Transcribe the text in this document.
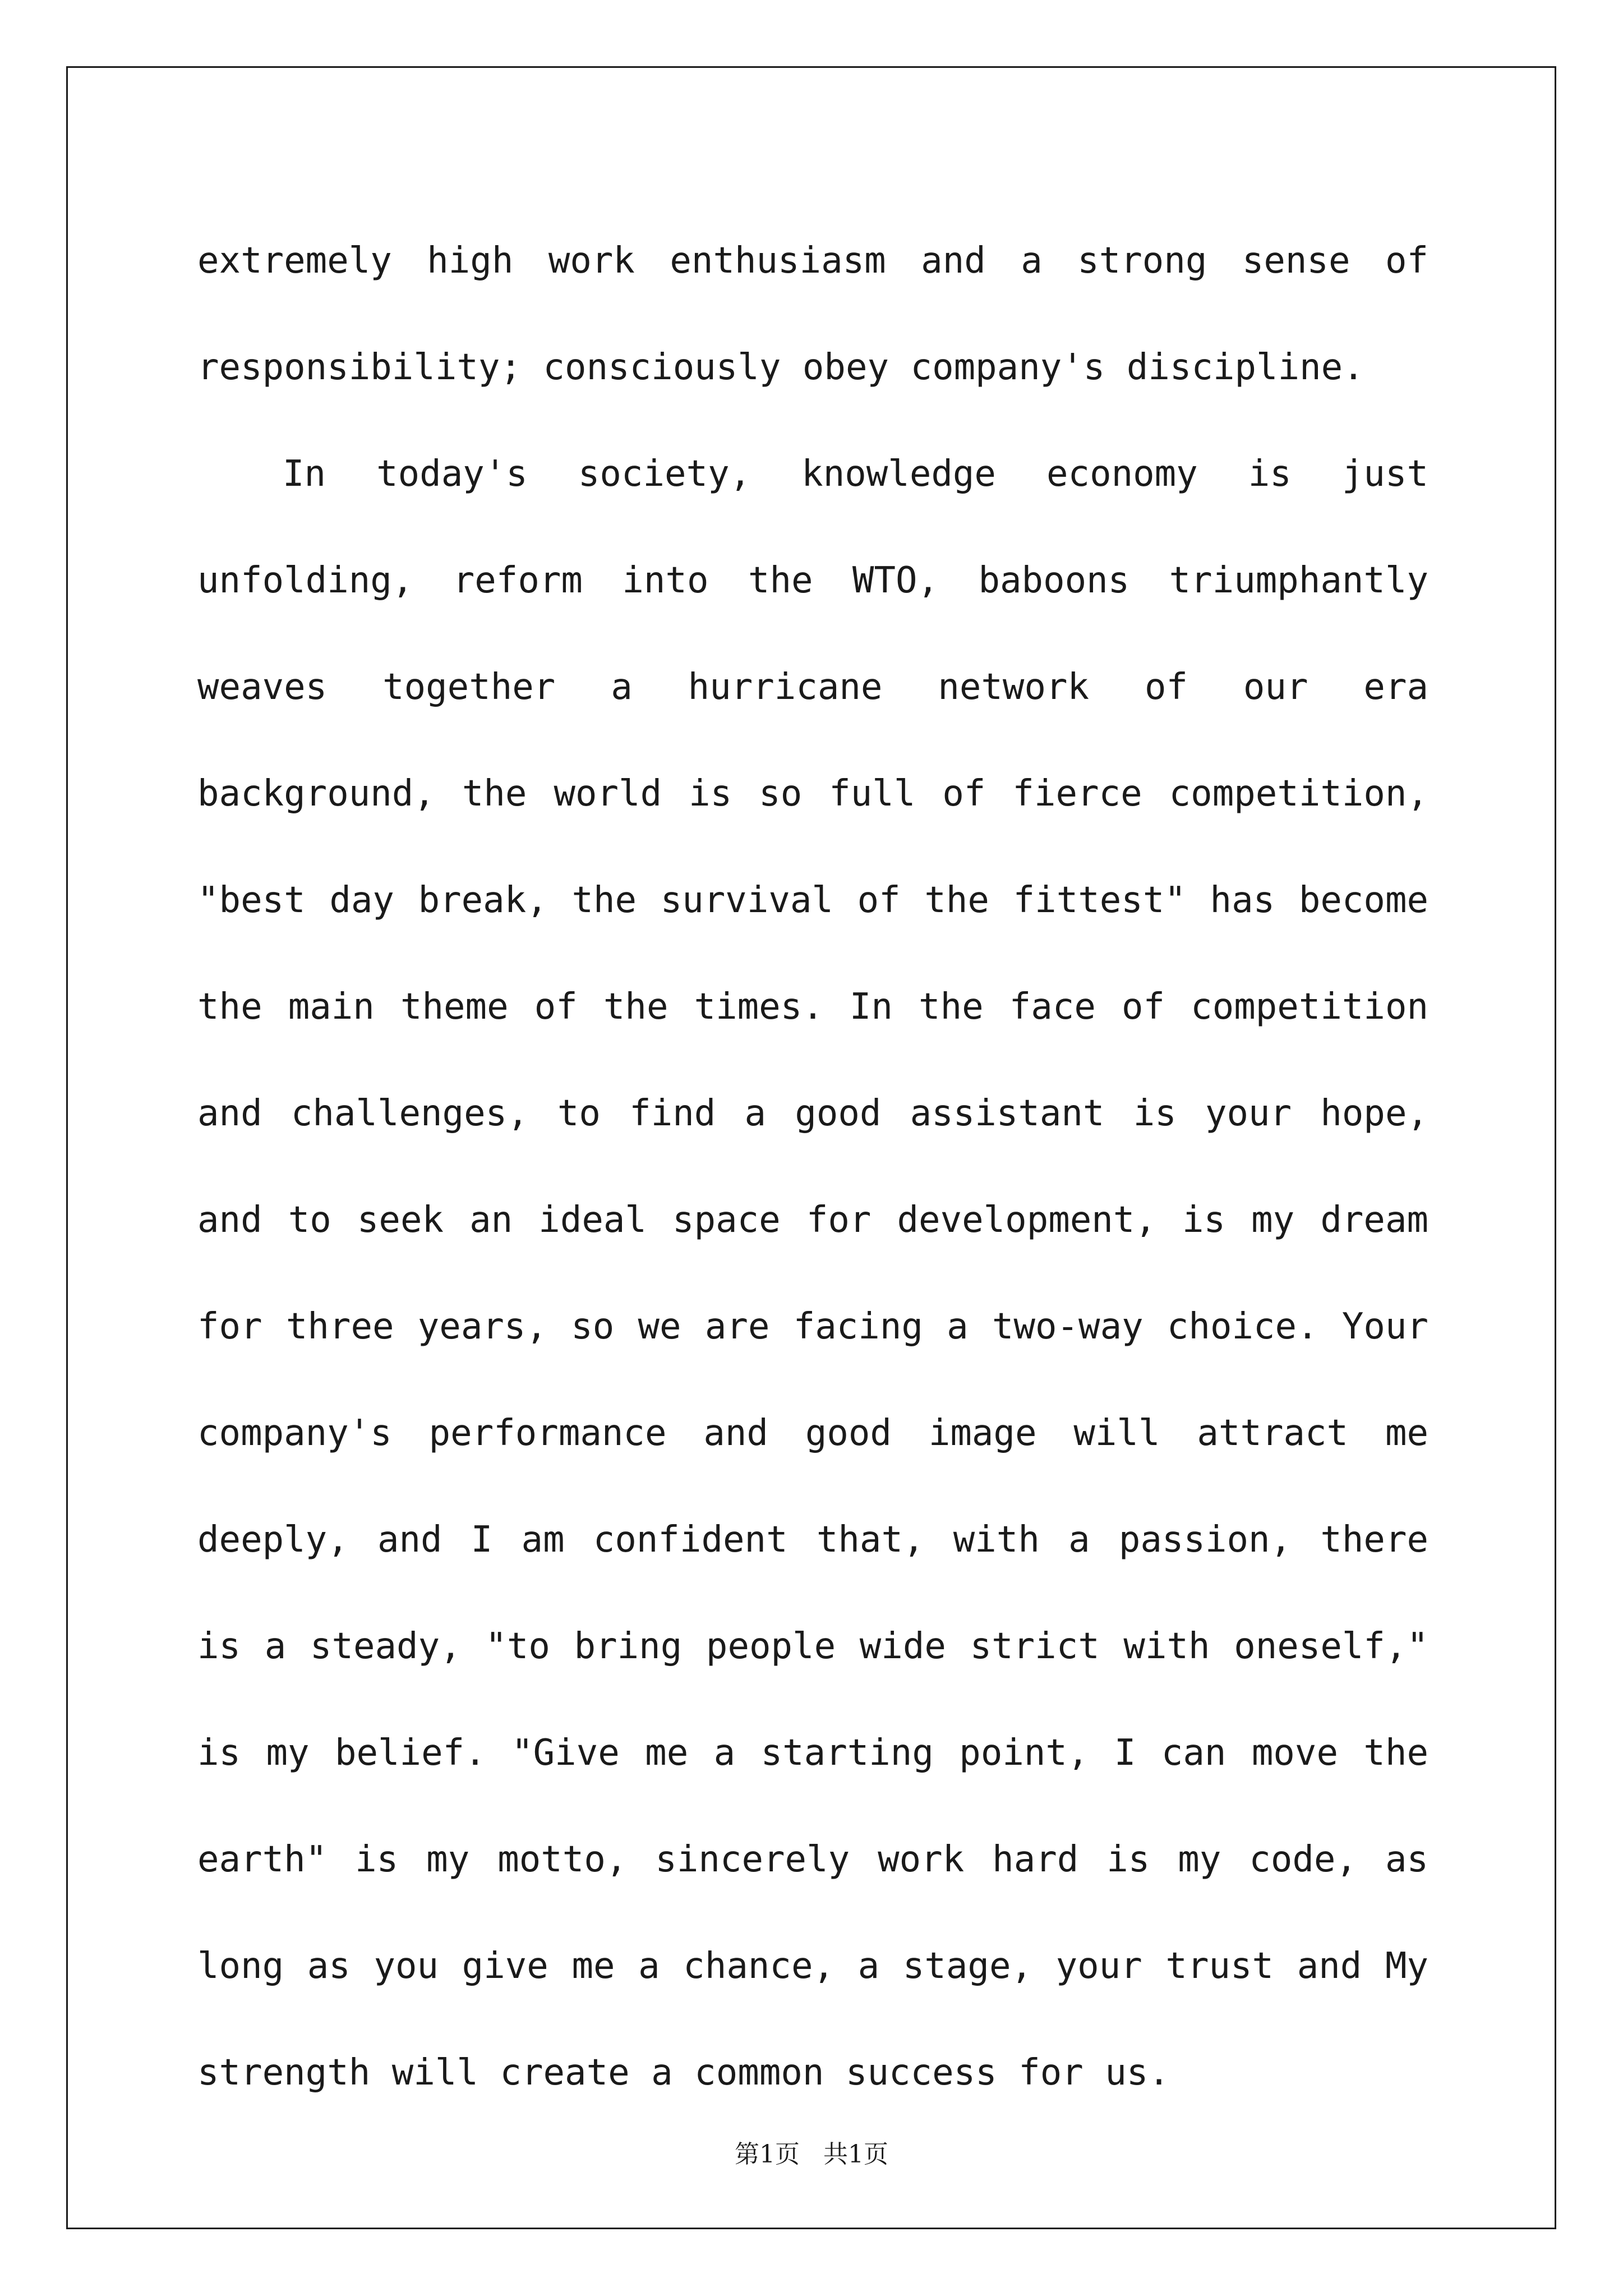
extremely high work enthusiasm and a strong sense of responsibility; consciously obey company's discipline.

In today's society, knowledge economy is just unfolding, reform into the WTO, baboons triumphantly weaves together a hurricane network of our era background, the world is so full of fierce competition, "best day break, the survival of the fittest" has become the main theme of the times. In the face of competition and challenges, to find a good assistant is your hope, and to seek an ideal space for development, is my dream for three years, so we are facing a two-way choice. Your company's performance and good image will attract me deeply, and I am confident that, with a passion, there is a steady, "to bring people wide strict with oneself," is my belief. "Give me a starting point, I can move the earth" is my motto, sincerely work hard is my code, as long as you give me a chance, a stage, your trust and My strength will create a common success for us.

第1页   共1页
